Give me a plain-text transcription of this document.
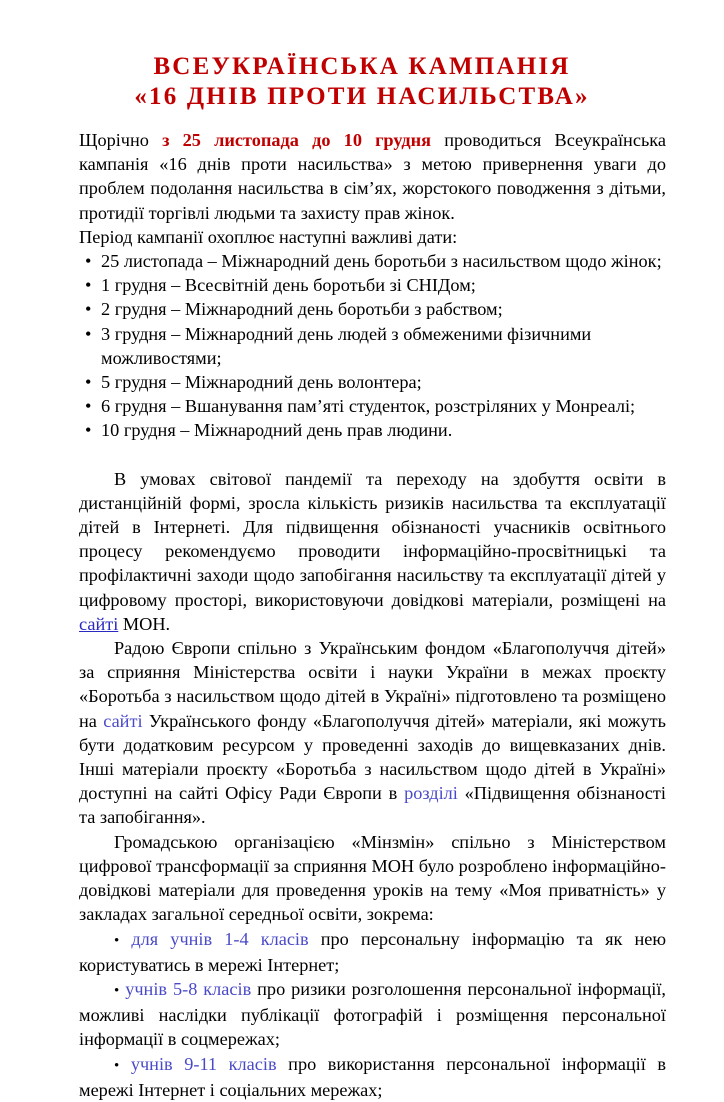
ВСЕУКРАЇНСЬКА КАМПАНІЯ
«16 ДНІВ ПРОТИ НАСИЛЬСТВА»

Щорічно з 25 листопада до 10 грудня проводиться Всеукраїнська кампанія «16 днів проти насильства» з метою привернення уваги до проблем подолання насильства в сім’ях, жорстокого поводження з дітьми, протидії торгівлі людьми та захисту прав жінок.

Період кампанії охоплює наступні важливі дати:

• 25 листопада – Міжнародний день боротьби з насильством щодо жінок;
• 1 грудня – Всесвітній день боротьби зі СНІДом;
• 2 грудня – Міжнародний день боротьби з рабством;
• 3 грудня – Міжнародний день людей з обмеженими фізичними можливостями;
• 5 грудня – Міжнародний день волонтера;
• 6 грудня – Вшанування пам’яті студенток, розстріляних у Монреалі;
• 10 грудня – Міжнародний день прав людини.

В умовах світової пандемії та переходу на здобуття освіти в дистанційній формі, зросла кількість ризиків насильства та експлуатації дітей в Інтернеті. Для підвищення обізнаності учасників освітнього процесу рекомендуємо проводити інформаційно-просвітницькі та профілактичні заходи щодо запобігання насильству та експлуатації дітей у цифровому просторі, використовуючи довідкові матеріали, розміщені на сайті МОН.

Радою Європи спільно з Українським фондом «Благополуччя дітей» за сприяння Міністерства освіти і науки України в межах проєкту «Боротьба з насильством щодо дітей в Україні» підготовлено та розміщено на сайті Українського фонду «Благополуччя дітей» матеріали, які можуть бути додатковим ресурсом у проведенні заходів до вищевказаних днів. Інші матеріали проєкту «Боротьба з насильством щодо дітей в Україні» доступні на сайті Офісу Ради Європи в розділі «Підвищення обізнаності та запобігання».

Громадською організацією «Мінзмін» спільно з Міністерством цифрової трансформації за сприяння МОН було розроблено інформаційно-довідкові матеріали для проведення уроків на тему «Моя приватність» у закладах загальної середньої освіти, зокрема:

• для учнів 1-4 класів про персональну інформацію та як нею користуватись в мережі Інтернет;

• учнів 5-8 класів про ризики розголошення персональної інформації, можливі наслідки публікації фотографій і розміщення персональної інформації в соцмережах;

• учнів 9-11 класів про використання персональної інформації в мережі Інтернет і соціальних мережах;
